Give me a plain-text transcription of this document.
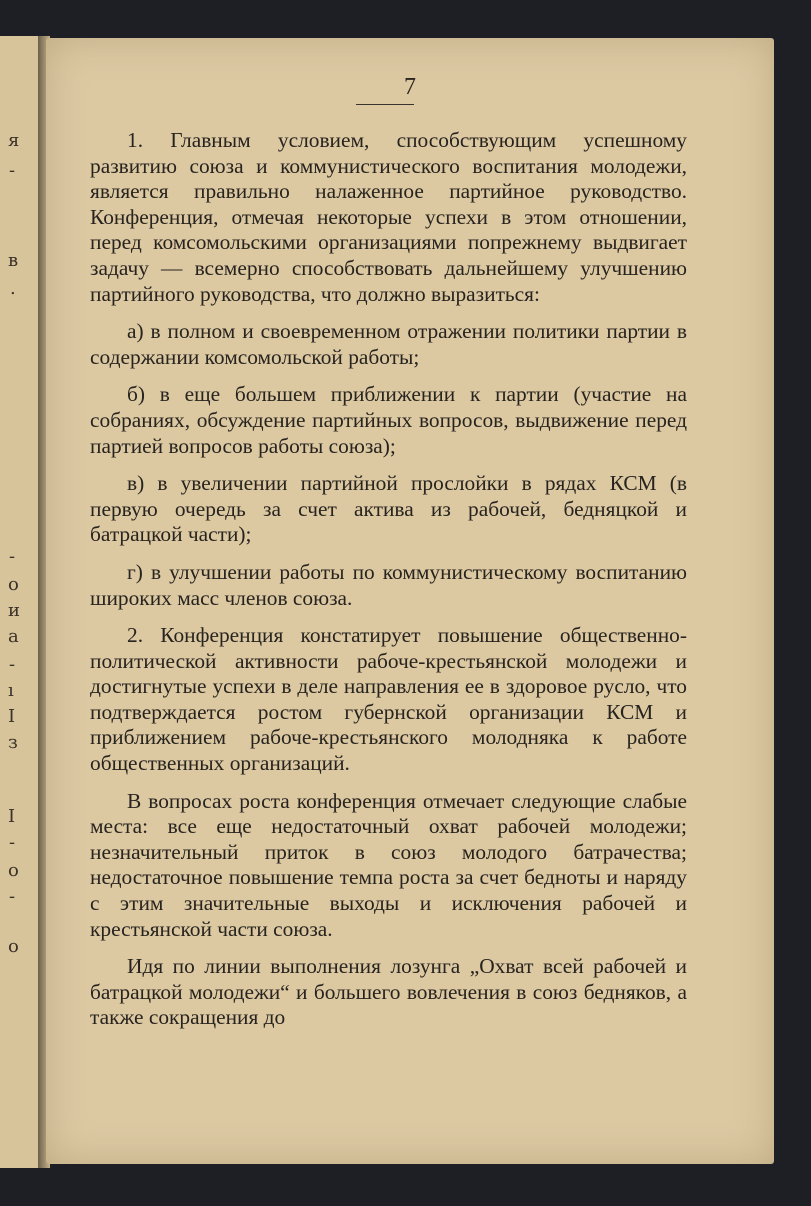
я
-
в
.
-
о
и
а
-
ı
I
з
I
-
о
-
о
7

1. Главным условием, способствующим успешному развитию союза и коммунистического воспитания молодежи, является правильно налаженное партийное руководство. Конференция, отмечая некоторые успехи в этом отношении, перед комсомольскими организациями попрежнему выдвигает задачу — всемерно способствовать дальнейшему улучшению партийного руководства, что должно выразиться:

а) в полном и своевременном отражении политики партии в содержании комсомольской работы;

б) в еще большем приближении к партии (участие на собраниях, обсуждение партийных вопросов, выдвижение перед партией вопросов работы союза);

в) в увеличении партийной прослойки в рядах КСМ (в первую очередь за счет актива из рабочей, бедняцкой и батрацкой части);

г) в улучшении работы по коммунистическому воспитанию широких масс членов союза.

2. Конференция констатирует повышение общественно-политической активности рабоче-крестьянской молодежи и достигнутые успехи в деле направления ее в здоровое русло, что подтверждается ростом губернской организации КСМ и приближением рабоче-крестьянского молодняка к работе общественных организаций.

В вопросах роста конференция отмечает следующие слабые места: все еще недостаточный охват рабочей молодежи; незначительный приток в союз молодого батрачества; недостаточное повышение темпа роста за счет бедноты и наряду с этим значительные выходы и исключения рабочей и крестьянской части союза.

Идя по линии выполнения лозунга „Охват всей рабочей и батрацкой молодежи“ и большего вовлечения в союз бедняков, а также сокращения до
